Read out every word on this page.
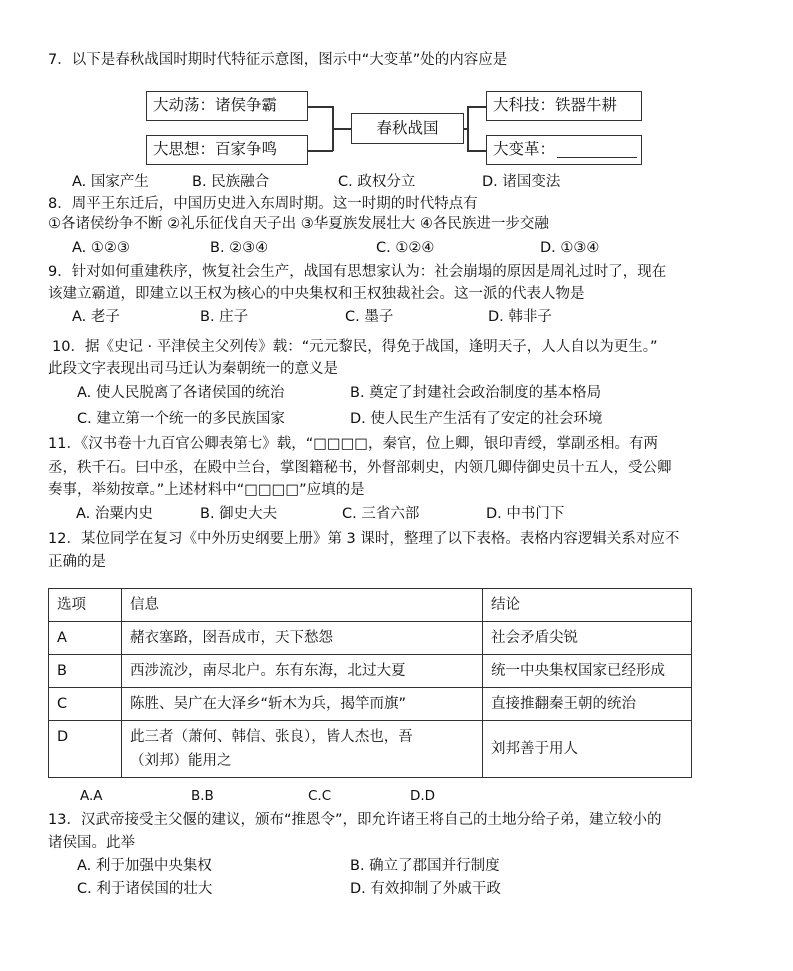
7．以下是春秋战国时期时代特征示意图，图示中“大变革”处的内容应是
大动荡：诸侯争霸
大思想：百家争鸣
春秋战国
大科技：铁器牛耕
大变革：
A. 国家产生	B. 民族融合	C. 政权分立	D. 诸国变法
8．周平王东迁后，中国历史进入东周时期。这一时期的时代特点有
①各诸侯纷争不断 ②礼乐征伐自天子出 ③华夏族发展壮大 ④各民族进一步交融
A. ①②③	B. ②③④	C. ①②④	D. ①③④
9．针对如何重建秩序，恢复社会生产，战国有思想家认为：社会崩塌的原因是周礼过时了，现在
该建立霸道，即建立以王权为核心的中央集权和王权独裁社会。这一派的代表人物是
A. 老子	B. 庄子	C. 墨子	D. 韩非子
10．据《史记 · 平津侯主父列传》载：“元元黎民，得免于战国，逢明天子，人人自以为更生。”
此段文字表现出司马迁认为秦朝统一的意义是
A. 使人民脱离了各诸侯国的统治	B. 奠定了封建社会政治制度的基本格局
C. 建立第一个统一的多民族国家	D. 使人民生产生活有了安定的社会环境
11．《汉书卷十九百官公卿表第七》载，“□□□□，秦官，位上卿，银印青绶，掌副丞相。有两
丞，秩千石。曰中丞，在殿中兰台，掌图籍秘书，外督部刺史，内领几卿侍御史员十五人，受公卿
奏事，举劾按章。”上述材料中“□□□□”应填的是
A. 治粟内史	B. 御史大夫	C. 三省六部	D. 中书门下
12．某位同学在复习《中外历史纲要上册》第 3 课时，整理了以下表格。表格内容逻辑关系对应不
正确的是
选项	信息	结论
A	赭衣塞路，囹吾成市，天下愁怨	社会矛盾尖锐
B	西涉流沙，南尽北户。东有东海，北过大夏	统一中央集权国家已经形成
C	陈胜、吴广在大泽乡“斩木为兵，揭竿而旗”	直接推翻秦王朝的统治
D	此三者（萧何、韩信、张良），皆人杰也，吾
（刘邦）能用之	刘邦善于用人
A.A	B.B	C.C	D.D
13．汉武帝接受主父偃的建议，颁布“推恩令”，即允许诸王将自己的土地分给子弟，建立较小的
诸侯国。此举
A. 利于加强中央集权	B. 确立了郡国并行制度
C. 利于诸侯国的壮大	D. 有效抑制了外戚干政
